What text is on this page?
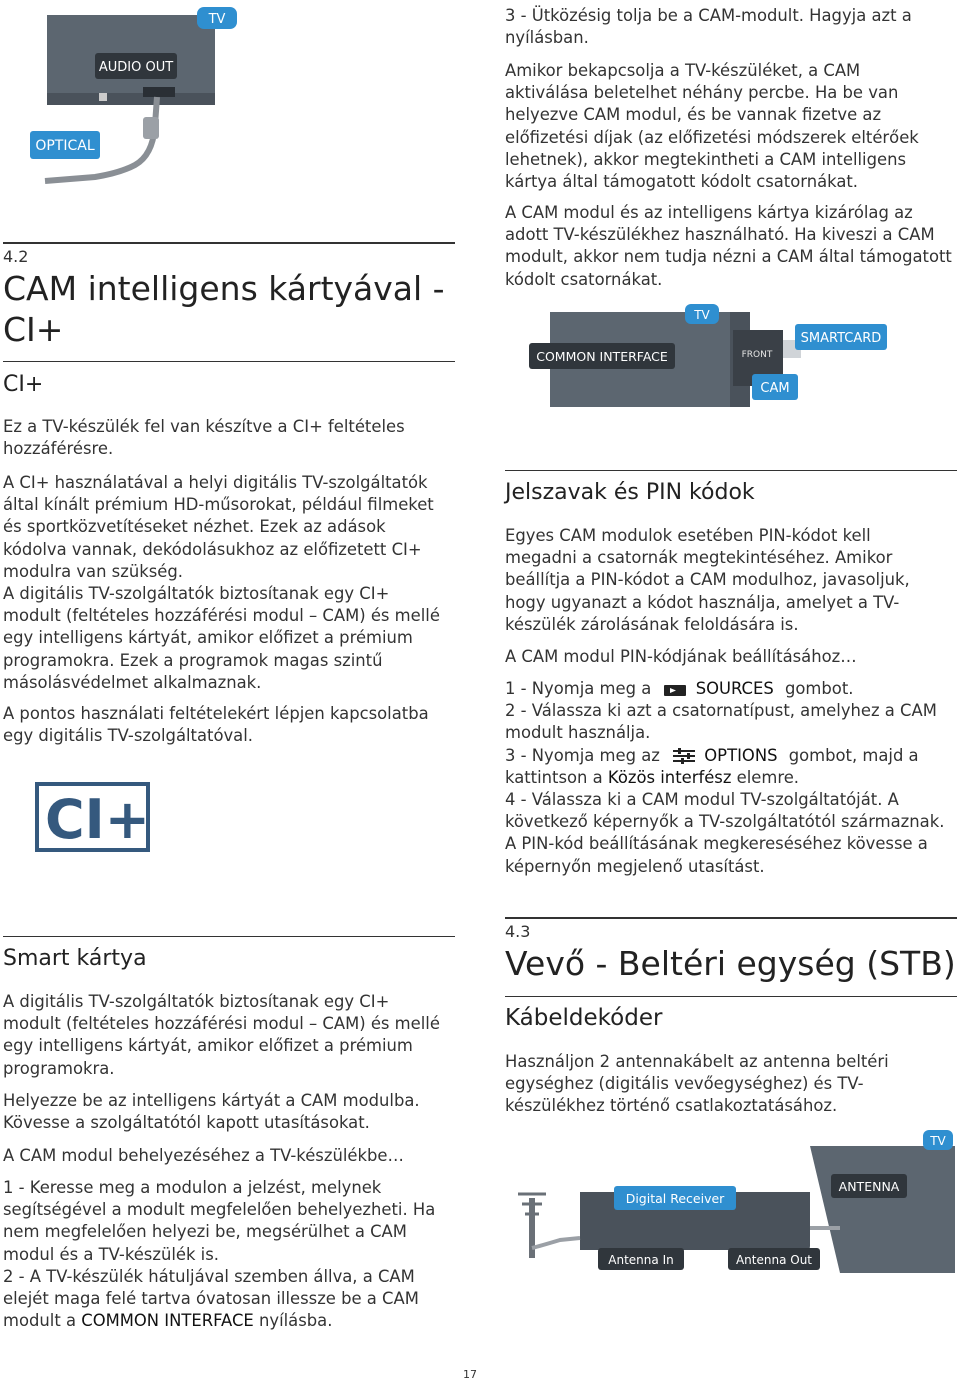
TV
AUDIO OUT
OPTICAL
4.2
CAM intelligens kártyával -
CI+
CI+
Ez a TV-készülék fel van készítve a CI+ feltételes hozzáférésre.
A CI+ használatával a helyi digitális TV-szolgáltatók
által kínált prémium HD-műsorokat, például filmeket
és sportközvetítéseket nézhet. Ezek az adások
kódolva vannak, dekódolásukhoz az előfizetett CI+
modulra van szükség.
A digitális TV-szolgáltatók biztosítanak egy CI+
modult (feltételes hozzáférési modul – CAM) és mellé
egy intelligens kártyát, amikor előfizet a prémium
programokra. Ezek a programok magas szintű
másolásvédelmet alkalmaznak.
A pontos használati feltételekért lépjen kapcsolatba
egy digitális TV-szolgáltatóval.
CI+
Smart kártya
A digitális TV-szolgáltatók biztosítanak egy CI+
modult (feltételes hozzáférési modul – CAM) és mellé
egy intelligens kártyát, amikor előfizet a prémium
programokra.
Helyezze be az intelligens kártyát a CAM modulba.
Kövesse a szolgáltatótól kapott utasításokat.
A CAM modul behelyezéséhez a TV-készülékbe…
1 - Keresse meg a modulon a jelzést, melynek
segítségével a modult megfelelően behelyezheti. Ha
nem megfelelően helyezi be, megsérülhet a CAM
modul és a TV-készülék is.
2 - A TV-készülék hátuljával szemben állva, a CAM
elejét maga felé tartva óvatosan illessze be a CAM
modult a COMMON INTERFACE nyílásba.
3 - Ütközésig tolja be a CAM-modult. Hagyja azt a
nyílásban.
Amikor bekapcsolja a TV-készüléket, a CAM
aktiválása beletelhet néhány percbe. Ha be van
helyezve CAM modul, és be vannak fizetve az
előfizetési díjak (az előfizetési módszerek eltérőek
lehetnek), akkor megtekintheti a CAM intelligens
kártya által támogatott kódolt csatornákat.
A CAM modul és az intelligens kártya kizárólag az
adott TV-készülékhez használható. Ha kiveszi a CAM
modult, akkor nem tudja nézni a CAM által támogatott
kódolt csatornákat.
TV
COMMON INTERFACE	FRONT
SMARTCARD
CAM
Jelszavak és PIN kódok
Egyes CAM modulok esetében PIN-kódot kell
megadni a csatornák megtekintéséhez. Amikor
beállítja a PIN-kódot a CAM modulhoz, javasoljuk,
hogy ugyanazt a kódot használja, amelyet a TV-
készülék zárolásának feloldására is.
A CAM modul PIN-kódjának beállításához…
1 - Nyomja meg a	SOURCES gombot.
2 - Válassza ki azt a csatornatípust, amelyhez a CAM
modult használja.
3 - Nyomja meg az	OPTIONS gombot, majd a
kattintson a Közös interfész elemre.
4 - Válassza ki a CAM modul TV-szolgáltatóját. A
következő képernyők a TV-szolgáltatótól származnak.
A PIN-kód beállításának megkereséséhez kövesse a
képernyőn megjelenő utasítást.
4.3
Vevő - Beltéri egység (STB)
Kábeldekóder
Használjon 2 antennakábelt az antenna beltéri
egységhez (digitális vevőegységhez) és TV-
készülékhez történő csatlakoztatásához.
TV
ANTENNA
Digital Receiver
Antenna In	Antenna Out
17
